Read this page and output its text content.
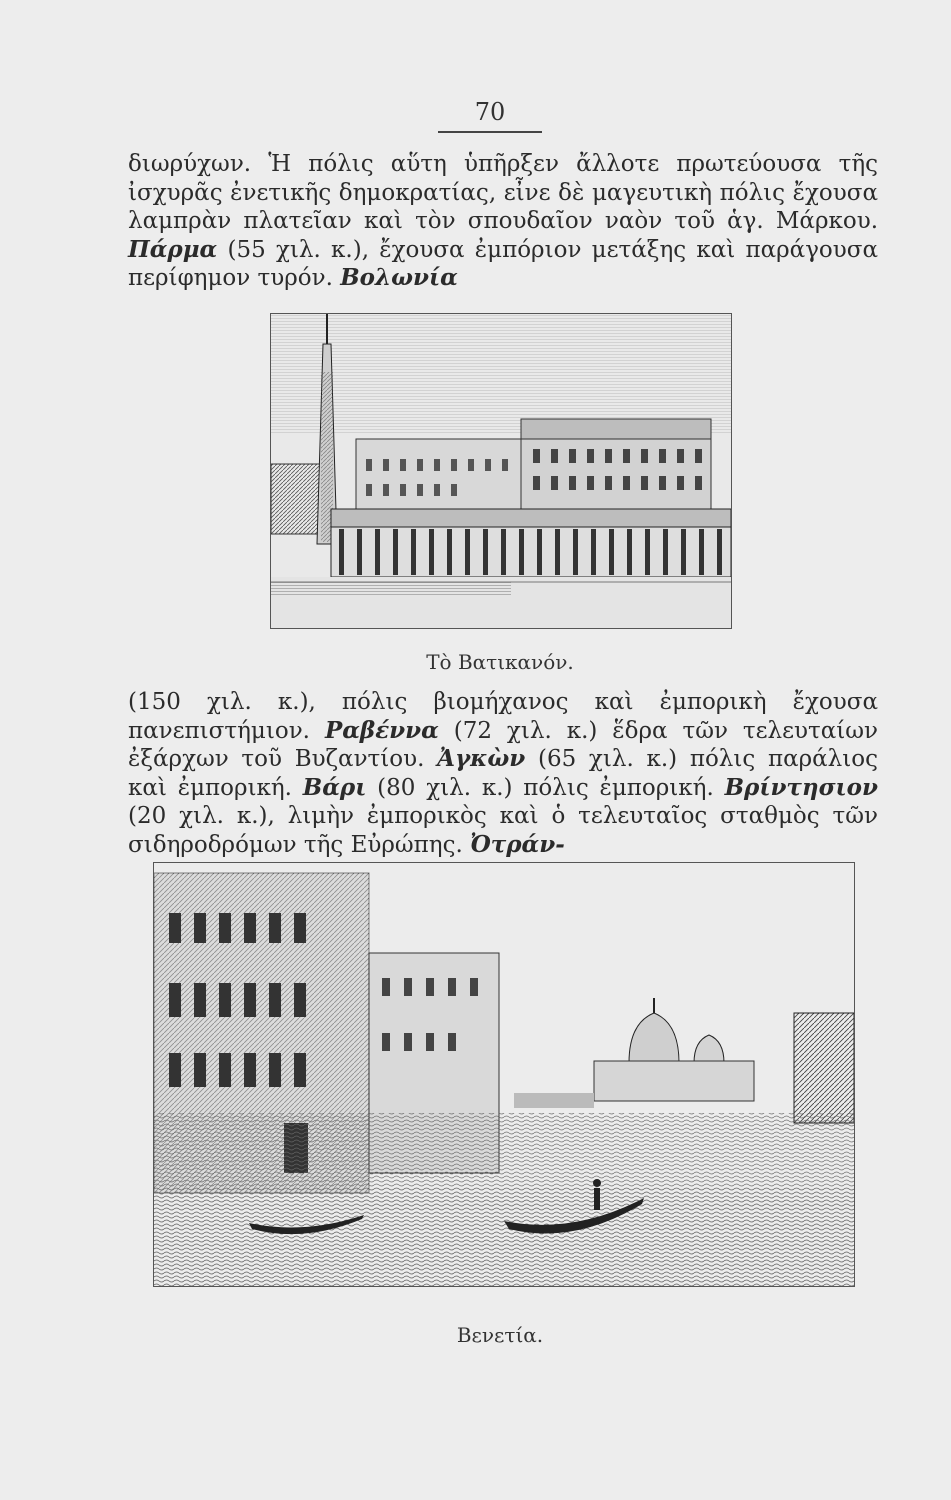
70

διωρύχων. Ἡ πόλις αὕτη ὑπῆρξεν ἄλλοτε πρωτεύουσα τῆς ἰσχυρᾶς ἐνετικῆς δημοκρατίας, εἶνε δὲ μαγευτικὴ πόλις ἔχουσα λαμπρὰν πλατεῖαν καὶ τὸν σπουδαῖον ναὸν τοῦ ἁγ. Μάρκου. Πάρμα (55 χιλ. κ.), ἔχουσα ἐμπόριον μετάξης καὶ παράγουσα περίφημον τυρόν. Βολωνία

Τὸ Βατικανόν.

(150 χιλ. κ.), πόλις βιομήχανος καὶ ἐμπορικὴ ἔχουσα πανεπιστήμιον. Ραβέννα (72 χιλ. κ.) ἕδρα τῶν τελευταίων ἐξάρχων τοῦ Βυζαντίου. Ἀγκὼν (65 χιλ. κ.) πόλις παράλιος καὶ ἐμπορική. Βάρι (80 χιλ. κ.) πόλις ἐμπορική. Βρίντησιον (20 χιλ. κ.), λιμὴν ἐμπορικὸς καὶ ὁ τελευταῖος σταθμὸς τῶν σιδηροδρόμων τῆς Εὐρώπης. Ὀτράν-

Βενετία.
